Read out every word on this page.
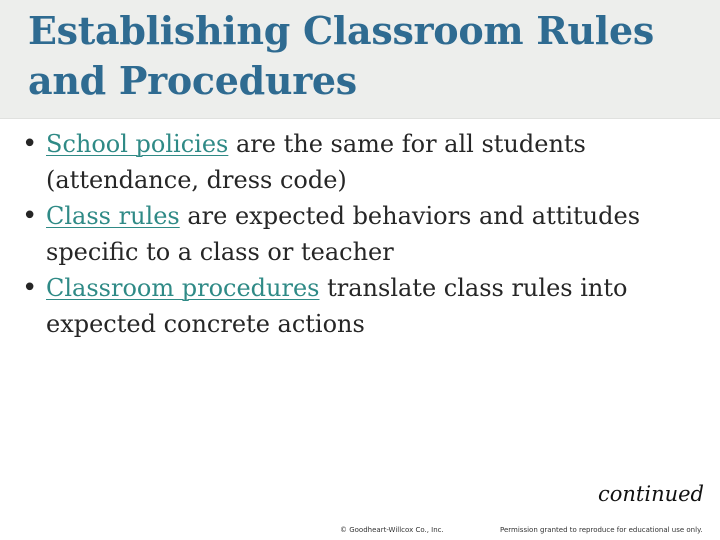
Establishing Classroom Rules
and Procedures
• School policies are the same for all students (attendance, dress code)
• Class rules are expected behaviors and attitudes specific to a class or teacher
• Classroom procedures translate class rules into expected concrete actions
continued
© Goodheart-Willcox Co., Inc.	Permission granted to reproduce for educational use only.
